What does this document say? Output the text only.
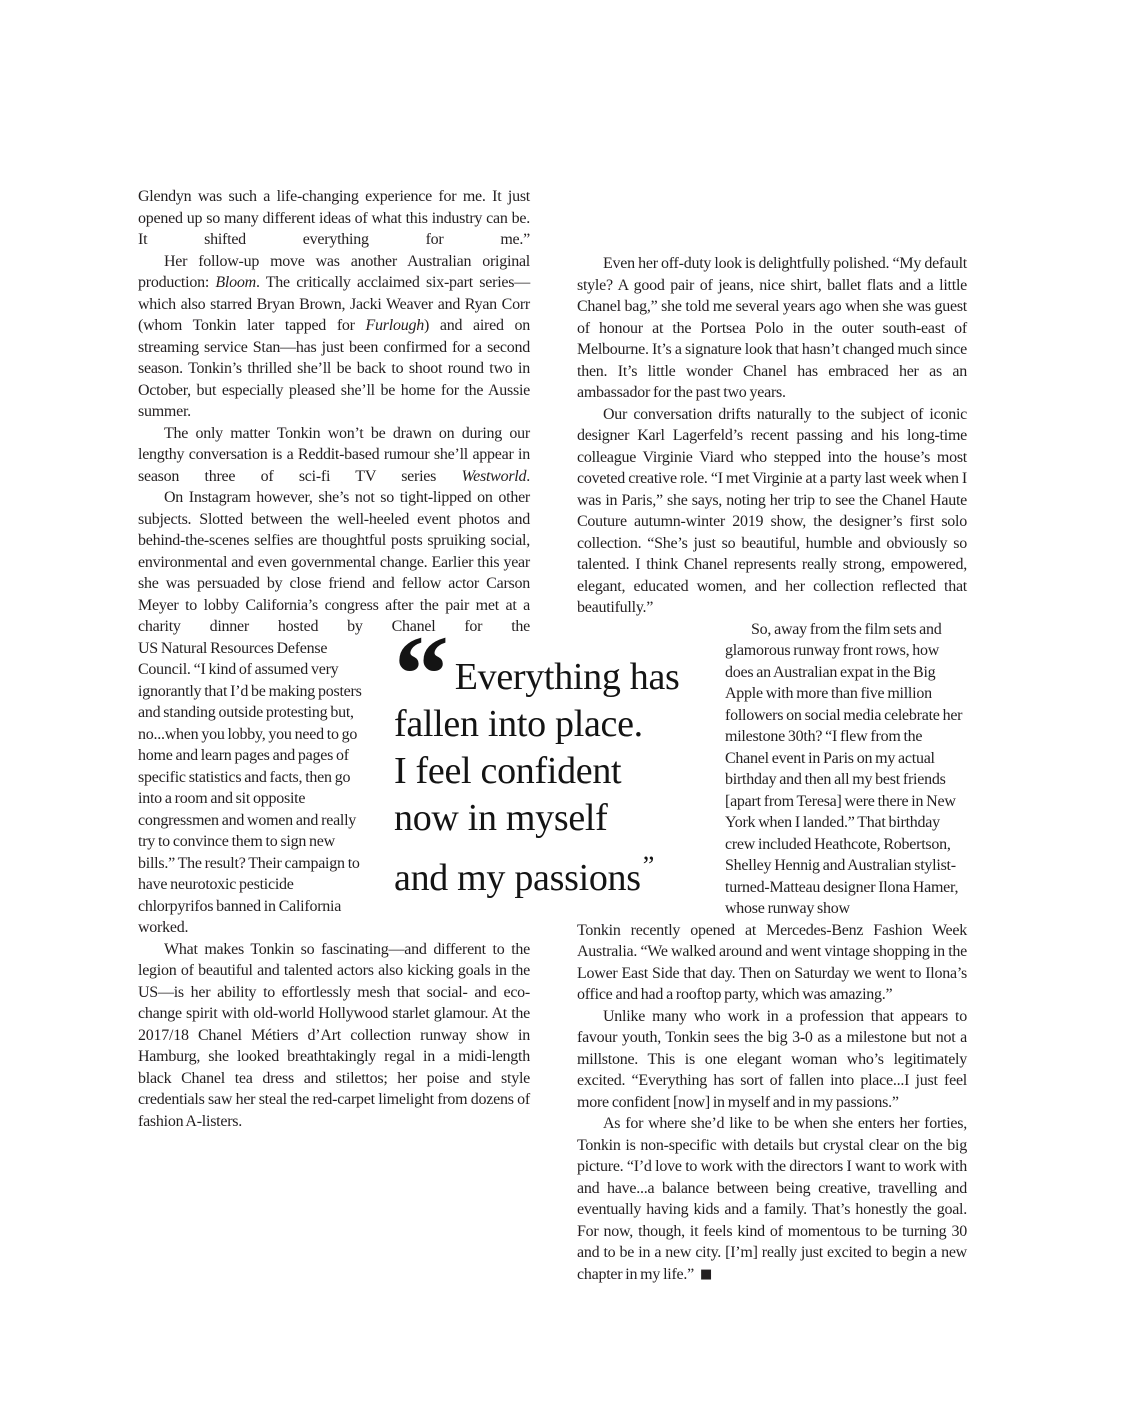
Glendyn was such a life-changing experience for me. It just opened up so many different ideas of what this industry can be. It shifted everything for me.”

Her follow-up move was another Australian original production: Bloom. The critically acclaimed six-part series—which also starred Bryan Brown, Jacki Weaver and Ryan Corr (whom Tonkin later tapped for Furlough) and aired on streaming service Stan—has just been confirmed for a second season. Tonkin’s thrilled she’ll be back to shoot round two in October, but especially pleased she’ll be home for the Aussie summer.

The only matter Tonkin won’t be drawn on during our lengthy conversation is a Reddit-based rumour she’ll appear in season three of sci-fi TV series Westworld.

On Instagram however, she’s not so tight-lipped on other subjects. Slotted between the well-heeled event photos and behind-the-scenes selfies are thoughtful posts spruiking social, environmental and even governmental change. Earlier this year she was persuaded by close friend and fellow actor Carson Meyer to lobby California’s congress after the pair met at a charity dinner hosted by Chanel for the

US Natural Resources Defense Council. “I kind of assumed very ignorantly that I’d be making posters and standing outside protesting but, no...when you lobby, you need to go home and learn pages and pages of specific statistics and facts, then go into a room and sit opposite congressmen and women and really try to convince them to sign new bills.” The result? Their campaign to have neurotoxic pesticide chlorpyrifos banned in California worked.

What makes Tonkin so fascinating—and different to the legion of beautiful and talented actors also kicking goals in the US—is her ability to effortlessly mesh that social- and eco-change spirit with old-world Hollywood starlet glamour. At the 2017/18 Chanel Métiers d’Art collection runway show in Hamburg, she looked breathtakingly regal in a midi-length black Chanel tea dress and stilettos; her poise and style credentials saw her steal the red-carpet limelight from dozens of fashion A-listers.

Even her off-duty look is delightfully polished. “My default style? A good pair of jeans, nice shirt, ballet flats and a little Chanel bag,” she told me several years ago when she was guest of honour at the Portsea Polo in the outer south-east of Melbourne. It’s a signature look that hasn’t changed much since then. It’s little wonder Chanel has embraced her as an ambassador for the past two years.

Our conversation drifts naturally to the subject of iconic designer Karl Lagerfeld’s recent passing and his long-time colleague Virginie Viard who stepped into the house’s most coveted creative role. “I met Virginie at a party last week when I was in Paris,” she says, noting her trip to see the Chanel Haute Couture autumn-winter 2019 show, the designer’s first solo collection. “She’s just so beautiful, humble and obviously so talented. I think Chanel represents really strong, empowered, elegant, educated women, and her collection reflected that beautifully.”

So, away from the film sets and glamorous runway front rows, how does an Australian expat in the Big Apple with more than five million followers on social media celebrate her milestone 30th? “I flew from the Chanel event in Paris on my actual birthday and then all my best friends [apart from Teresa] were there in New York when I landed.” That birthday crew included Heathcote, Robertson, Shelley Hennig and Australian stylist-turned-Matteau designer Ilona Hamer, whose runway show

Tonkin recently opened at Mercedes-Benz Fashion Week Australia. “We walked around and went vintage shopping in the Lower East Side that day. Then on Saturday we went to Ilona’s office and had a rooftop party, which was amazing.”

Unlike many who work in a profession that appears to favour youth, Tonkin sees the big 3-0 as a milestone but not a millstone. This is one elegant woman who’s legitimately excited. “Everything has sort of fallen into place...I just feel more confident [now] in myself and in my passions.”

As for where she’d like to be when she enters her forties, Tonkin is non-specific with details but crystal clear on the big picture. “I’d love to work with the directors I want to work with and have...a balance between being creative, travelling and eventually having kids and a family. That’s honestly the goal. For now, though, it feels kind of momentous to be turning 30 and to be in a new city. [I’m] really just excited to begin a new chapter in my life.” ■

“ Everything has
fallen into place.
I feel confident
now in myself
and my passions”
